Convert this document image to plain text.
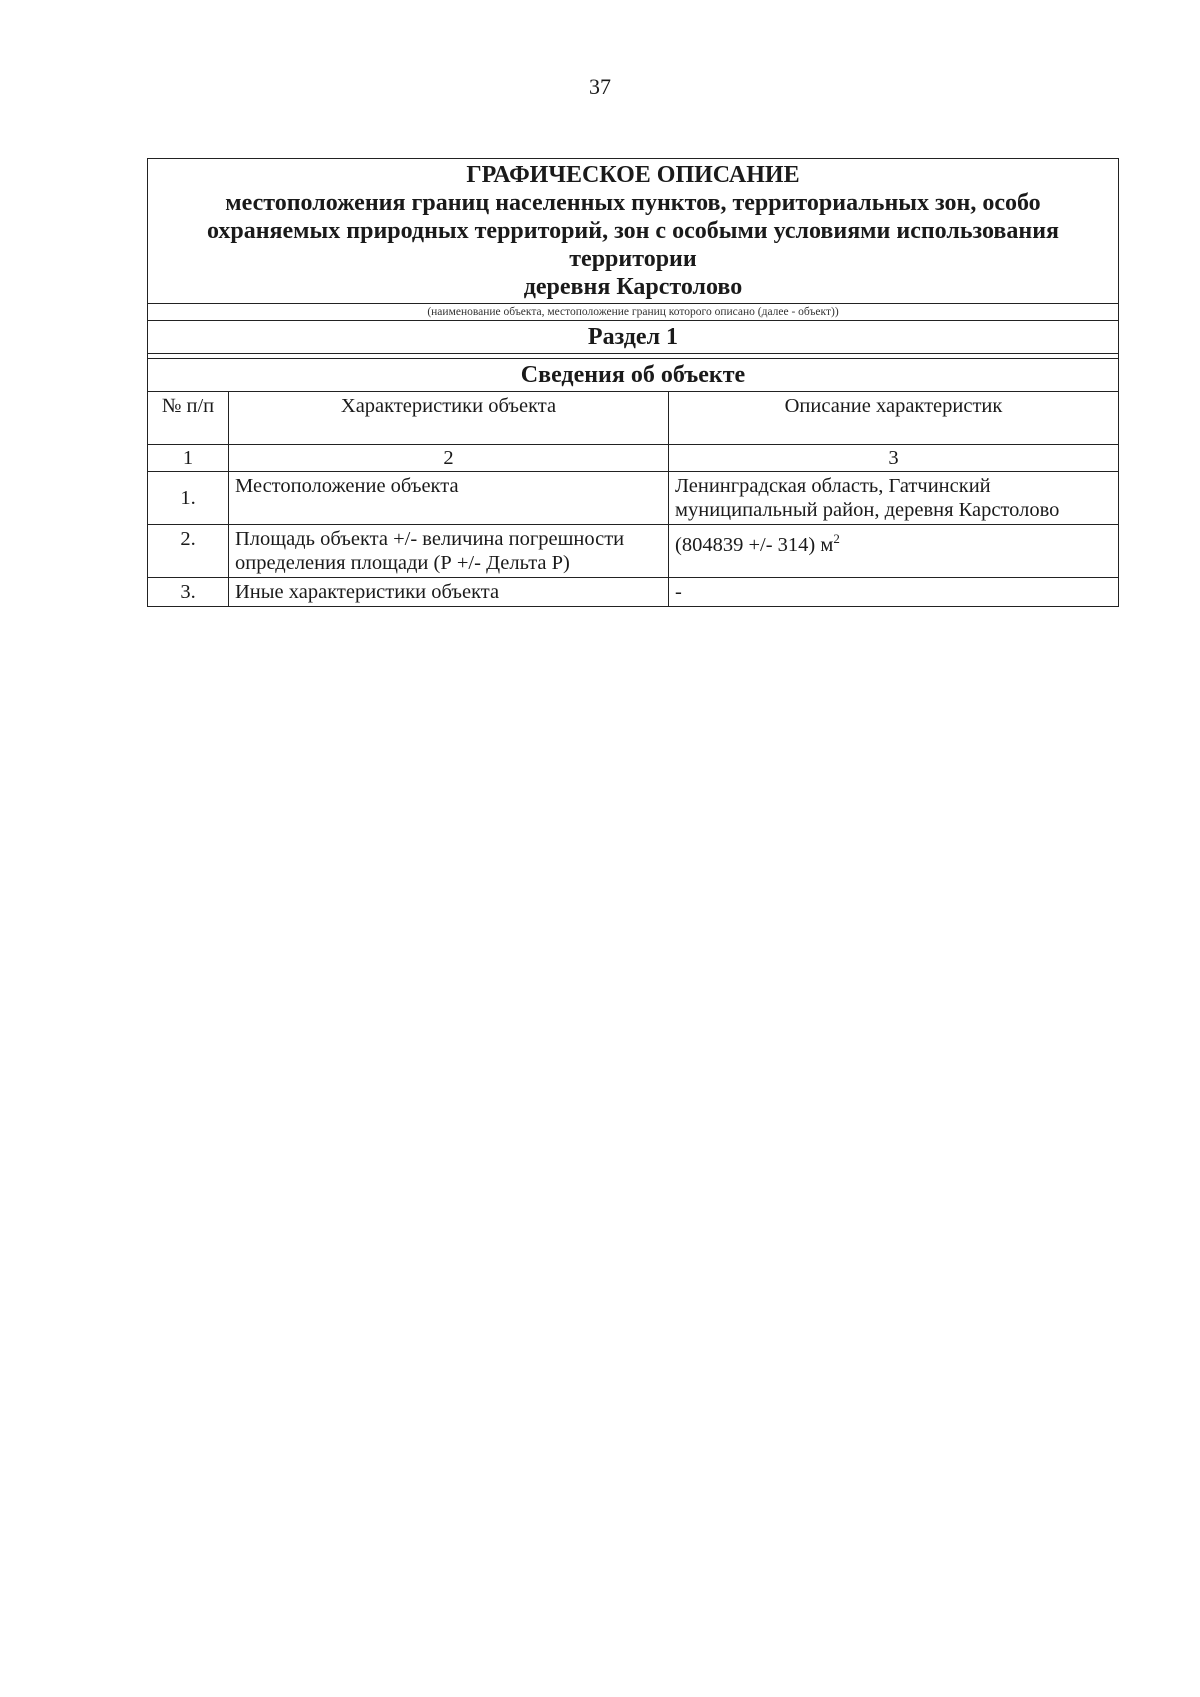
37
ГРАФИЧЕСКОЕ ОПИСАНИЕ
местоположения границ населенных пунктов, территориальных зон, особо
охраняемых природных территорий, зон с особыми условиями использования
территории
деревня Карстолово
(наименование объекта, местоположение границ которого описано (далее - объект))
Раздел 1
Сведения об объекте
№ п/п	Характеристики объекта	Описание характеристик
1	2	3
1.	Местоположение объекта	Ленинградская область, Гатчинский муниципальный район, деревня Карстолово
2.	Площадь объекта +/- величина погрешности определения площади (Р +/- Дельта Р)	(804839 +/- 314) $м^2$
3.	Иные характеристики объекта	-
